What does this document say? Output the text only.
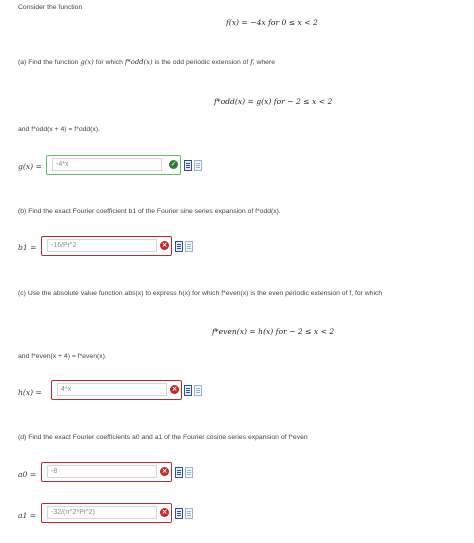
Consider the function
f(x) = −4x for 0 ≤ x < 2
(a) Find the function g(x) for which f*odd(x) is the odd periodic extension of f, where
f*odd(x) = g(x) for − 2 ≤ x < 2
and f*odd(x + 4) = f*odd(x).
g(x) =
-4*x	✓
(b) Find the exact Fourier coefficient b1 of the Fourier sine series expansion of f*odd(x).
b1 =
-16/Pi^2	×
(c) Use the absolute value function abs(x) to express h(x) for which f*even(x) is the even periodic extension of f, for which
f*even(x) = h(x) for − 2 ≤ x < 2
and f*even(x + 4) = f*even(x).
h(x) =
4*x	×
(d) Find the exact Fourier coefficients a0 and a1 of the Fourier cosine series expansion of f*even
a0 =
-8	×
a1 =
-32/(n^2*Pi^2)	×
